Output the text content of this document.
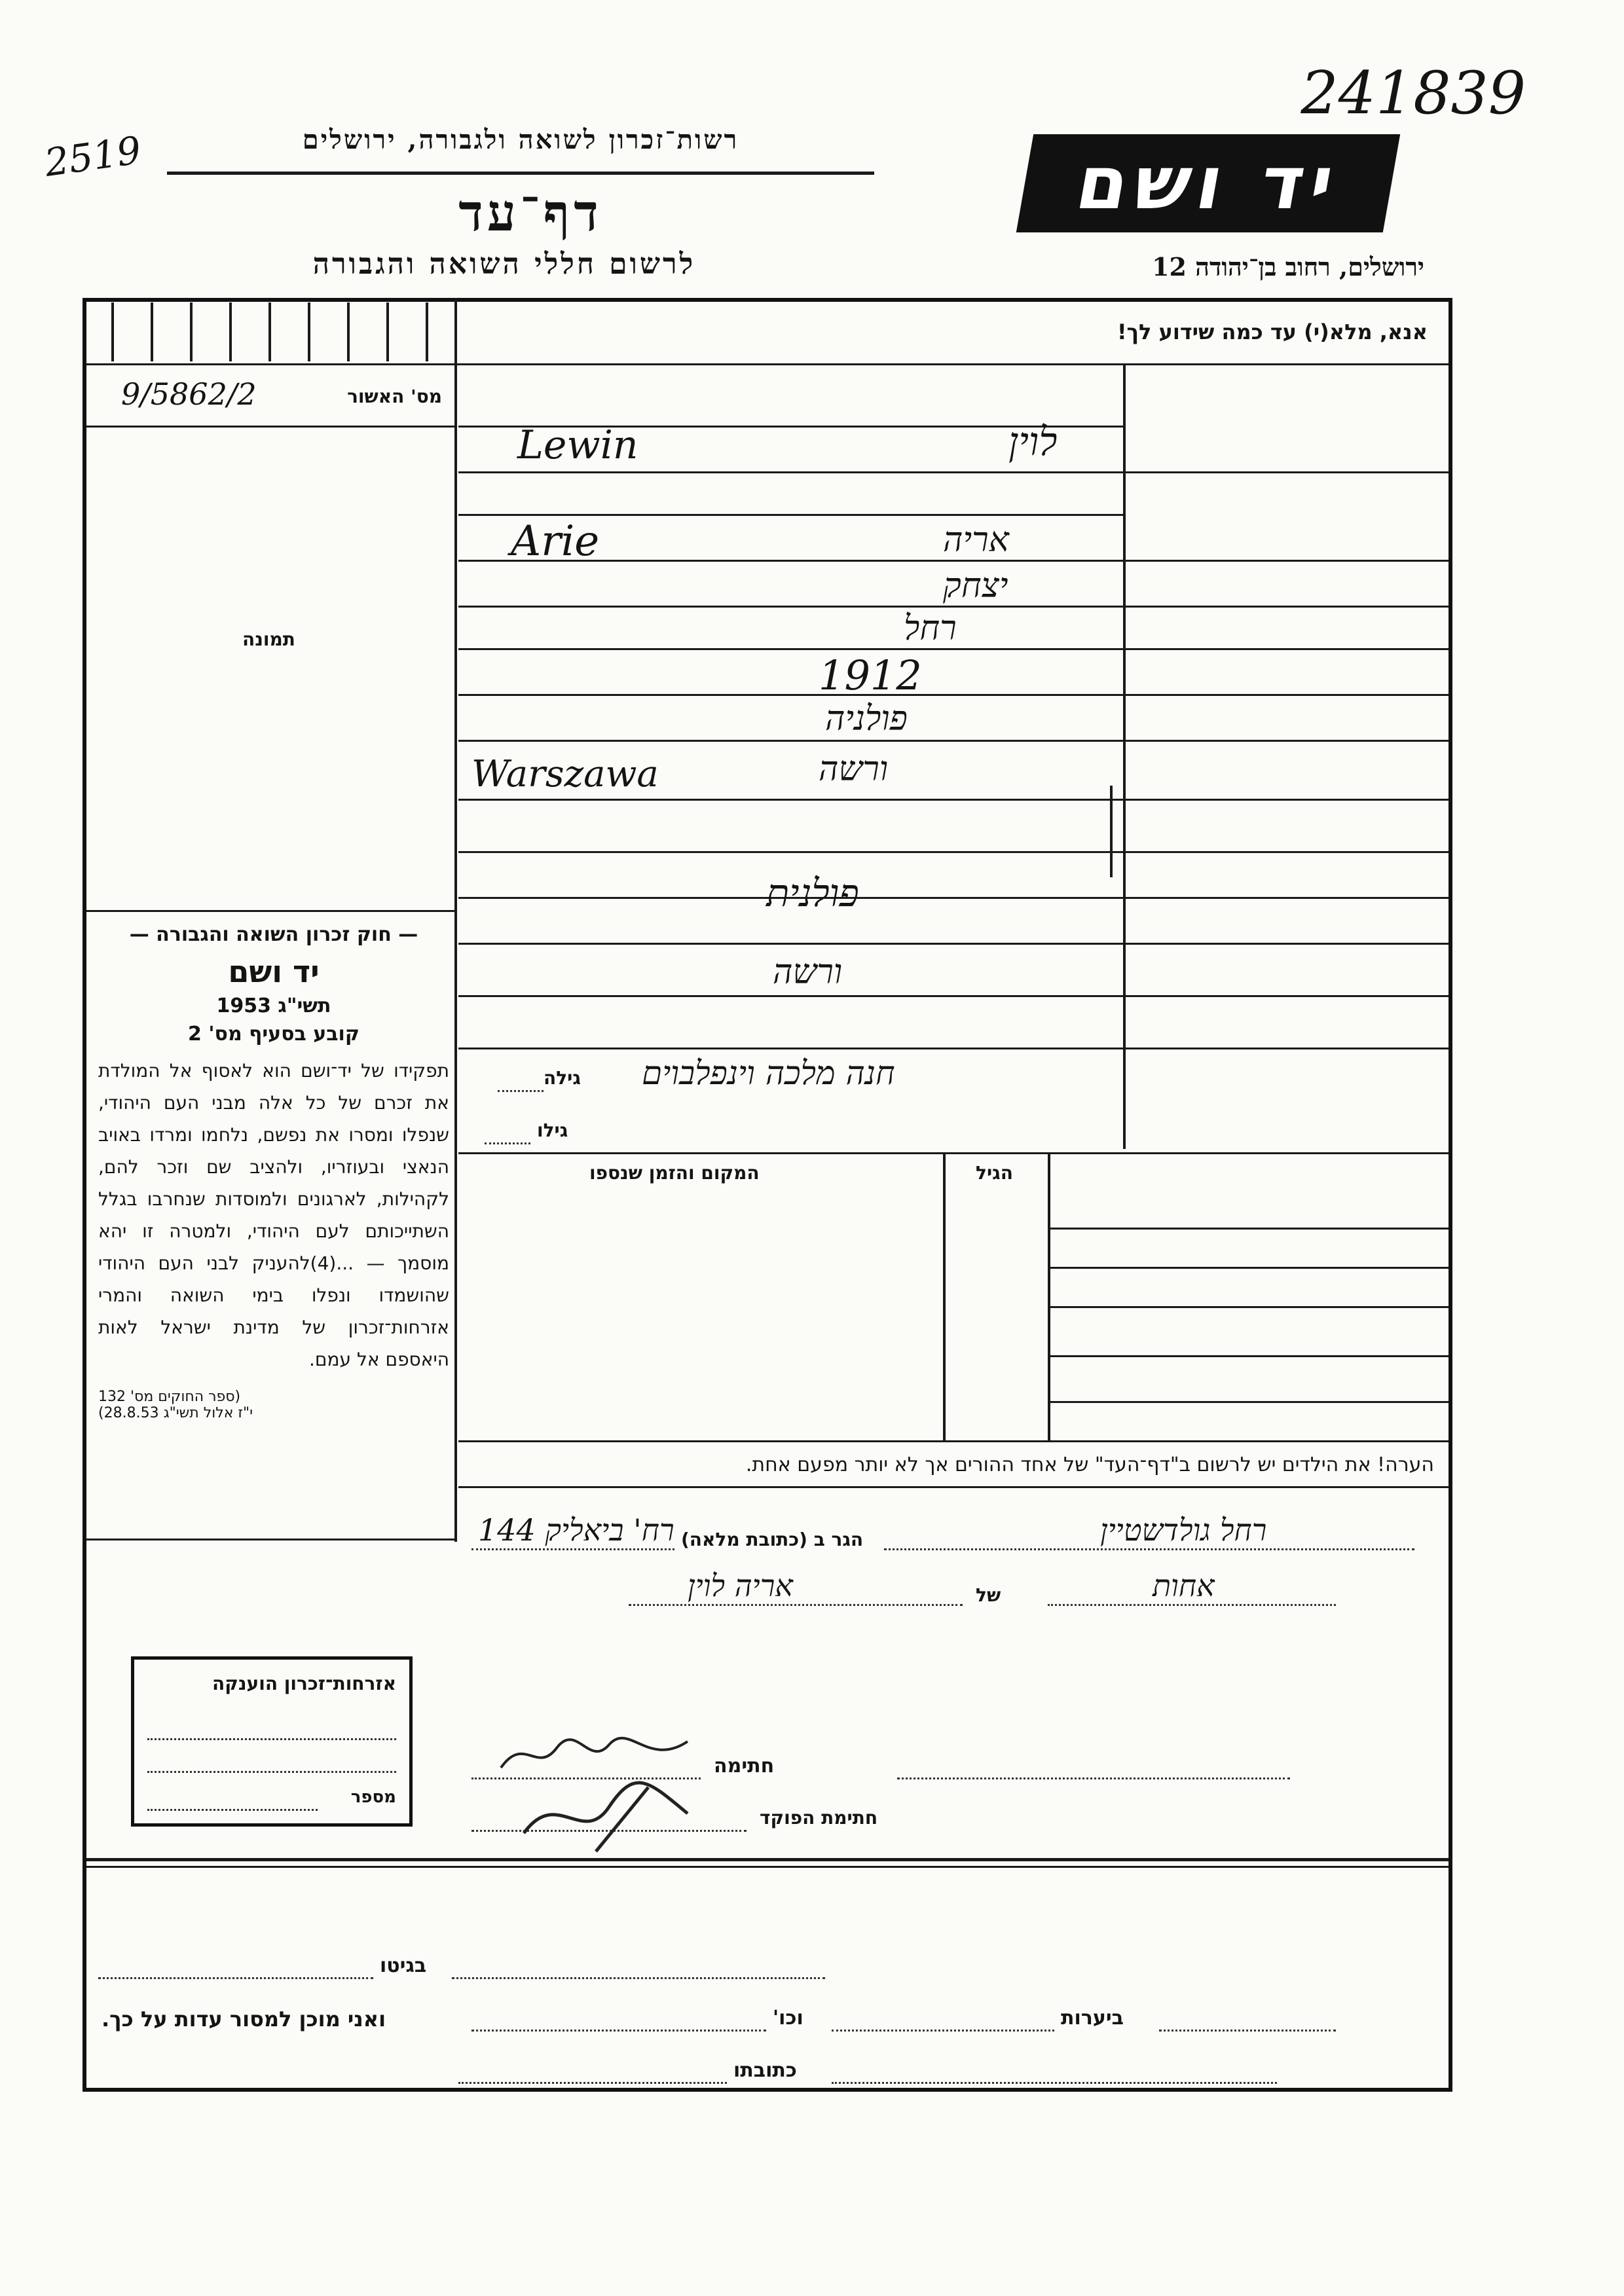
241839
2519	רשות־זכרון לשואה ולגבורה, ירושלים
דף־עד
לרשום חללי השואה והגבורה
יד ושם
ירושלים, רחוב בן־יהודה 12
אנא, מלא(י) עד כמה שידוע לך!
מס' האשור
9/5862/2
תמונה
לוין
Lewin
אריה
Arie
יצחק
רחל
1912
פולניה
ורשה
Warszawa
פולנית
ורשה
חנה מלכה וינפלבוים
גילה
גילו
הגיל
המקום והזמן שנספו
הערה! את הילדים יש לרשום ב"דף־העד" של אחד ההורים אך לא יותר מפעם אחת.
— חוק זכרון השואה והגבורה —
יד ושם
תשי"ג 1953
קובע בסעיף מס' 2
תפקידו של יד־ושם הוא לאסוף אל המולדת את זכרם של כל אלה מבני העם היהודי, שנפלו ומסרו את נפשם, נלחמו ומרדו באויב הנאצי ובעוזריו, ולהציב שם וזכר להם, לקהילות, לארגונים ולמוסדות שנחרבו בגלל השתייכותם לעם היהודי, ולמטרה זו יהא מוסמך — ...(4)להעניק לבני העם היהודי שהושמדו ונפלו בימי השואה והמרי אזרחות־זכרון של מדינת ישראל לאות היאספם אל עמם.
(ספר החוקים מס' 132
י"ז אלול תשי"ג 28.8.53)
אזרחות־זכרון הוענקה
מספר
רחל גולדשטיין
הגר ב (כתובת מלאה)
רח' ביאליק 144
אחות
של
אריה לוין
חתימה
חתימת הפוקד
בגיטו
ביערות
וכו'
ואני מוכן למסור עדות על כך.
כתובתו
